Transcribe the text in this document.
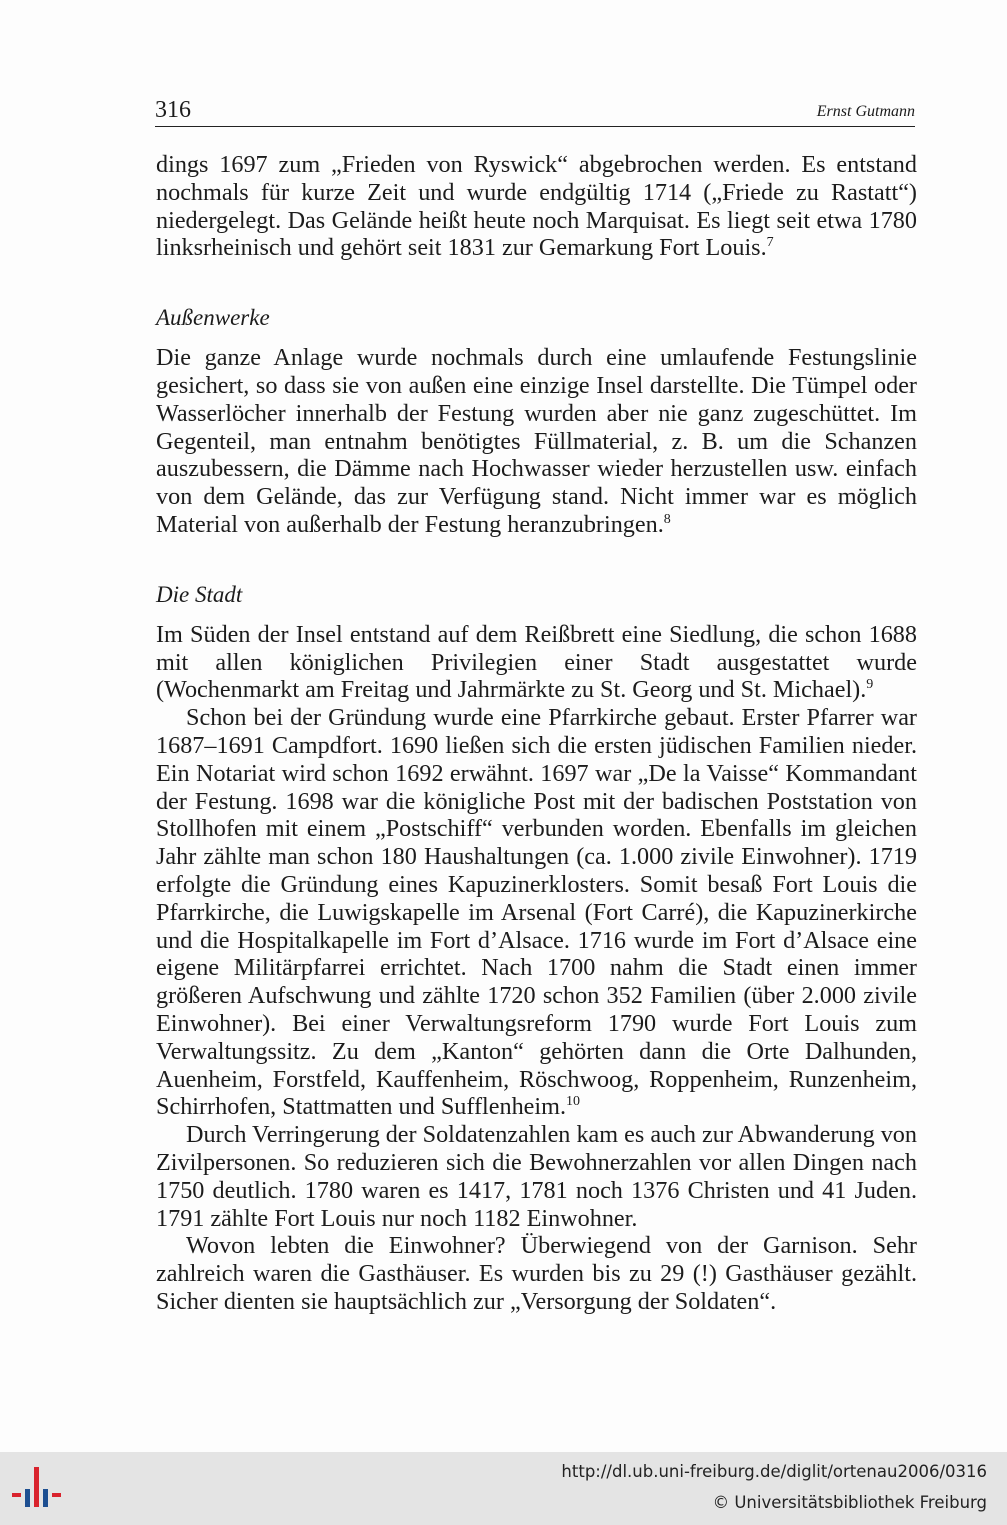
316	Ernst Gutmann

dings 1697 zum „Frieden von Ryswick“ abgebrochen werden. Es entstand nochmals für kurze Zeit und wurde endgültig 1714 („Friede zu Rastatt“) niedergelegt. Das Gelände heißt heute noch Marquisat. Es liegt seit etwa 1780 linksrheinisch und gehört seit 1831 zur Gemarkung Fort Louis.$^7$

Außenwerke

Die ganze Anlage wurde nochmals durch eine umlaufende Festungslinie gesichert, so dass sie von außen eine einzige Insel darstellte. Die Tümpel oder Wasserlöcher innerhalb der Festung wurden aber nie ganz zugeschüttet. Im Gegenteil, man entnahm benötigtes Füllmaterial, z. B. um die Schanzen auszubessern, die Dämme nach Hochwasser wieder herzustellen usw. einfach von dem Gelände, das zur Verfügung stand. Nicht immer war es möglich Material von außerhalb der Festung heranzubringen.$^8$

Die Stadt

Im Süden der Insel entstand auf dem Reißbrett eine Siedlung, die schon 1688 mit allen königlichen Privilegien einer Stadt ausgestattet wurde (Wochenmarkt am Freitag und Jahrmärkte zu St. Georg und St. Michael).$^9$

Schon bei der Gründung wurde eine Pfarrkirche gebaut. Erster Pfarrer war 1687–1691 Campdfort. 1690 ließen sich die ersten jüdischen Familien nieder. Ein Notariat wird schon 1692 erwähnt. 1697 war „De la Vaisse“ Kommandant der Festung. 1698 war die königliche Post mit der badischen Poststation von Stollhofen mit einem „Postschiff“ verbunden worden. Ebenfalls im gleichen Jahr zählte man schon 180 Haushaltungen (ca. 1.000 zivile Einwohner). 1719 erfolgte die Gründung eines Kapuzinerklosters. Somit besaß Fort Louis die Pfarrkirche, die Luwigskapelle im Arsenal (Fort Carré), die Kapuzinerkirche und die Hospitalkapelle im Fort d’Alsace. 1716 wurde im Fort d’Alsace eine eigene Militärpfarrei errichtet. Nach 1700 nahm die Stadt einen immer größeren Aufschwung und zählte 1720 schon 352 Familien (über 2.000 zivile Einwohner). Bei einer Verwaltungsreform 1790 wurde Fort Louis zum Verwaltungssitz. Zu dem „Kanton“ gehörten dann die Orte Dalhunden, Auenheim, Forstfeld, Kauffenheim, Röschwoog, Roppenheim, Runzenheim, Schirrhofen, Stattmatten und Sufflenheim.$^{10}$

Durch Verringerung der Soldatenzahlen kam es auch zur Abwanderung von Zivilpersonen. So reduzieren sich die Bewohnerzahlen vor allen Dingen nach 1750 deutlich. 1780 waren es 1417, 1781 noch 1376 Christen und 41 Juden. 1791 zählte Fort Louis nur noch 1182 Einwohner.

Wovon lebten die Einwohner? Überwiegend von der Garnison. Sehr zahlreich waren die Gasthäuser. Es wurden bis zu 29 (!) Gasthäuser gezählt. Sicher dienten sie hauptsächlich zur „Versorgung der Soldaten“.

http://dl.ub.uni-freiburg.de/diglit/ortenau2006/0316
© Universitätsbibliothek Freiburg
